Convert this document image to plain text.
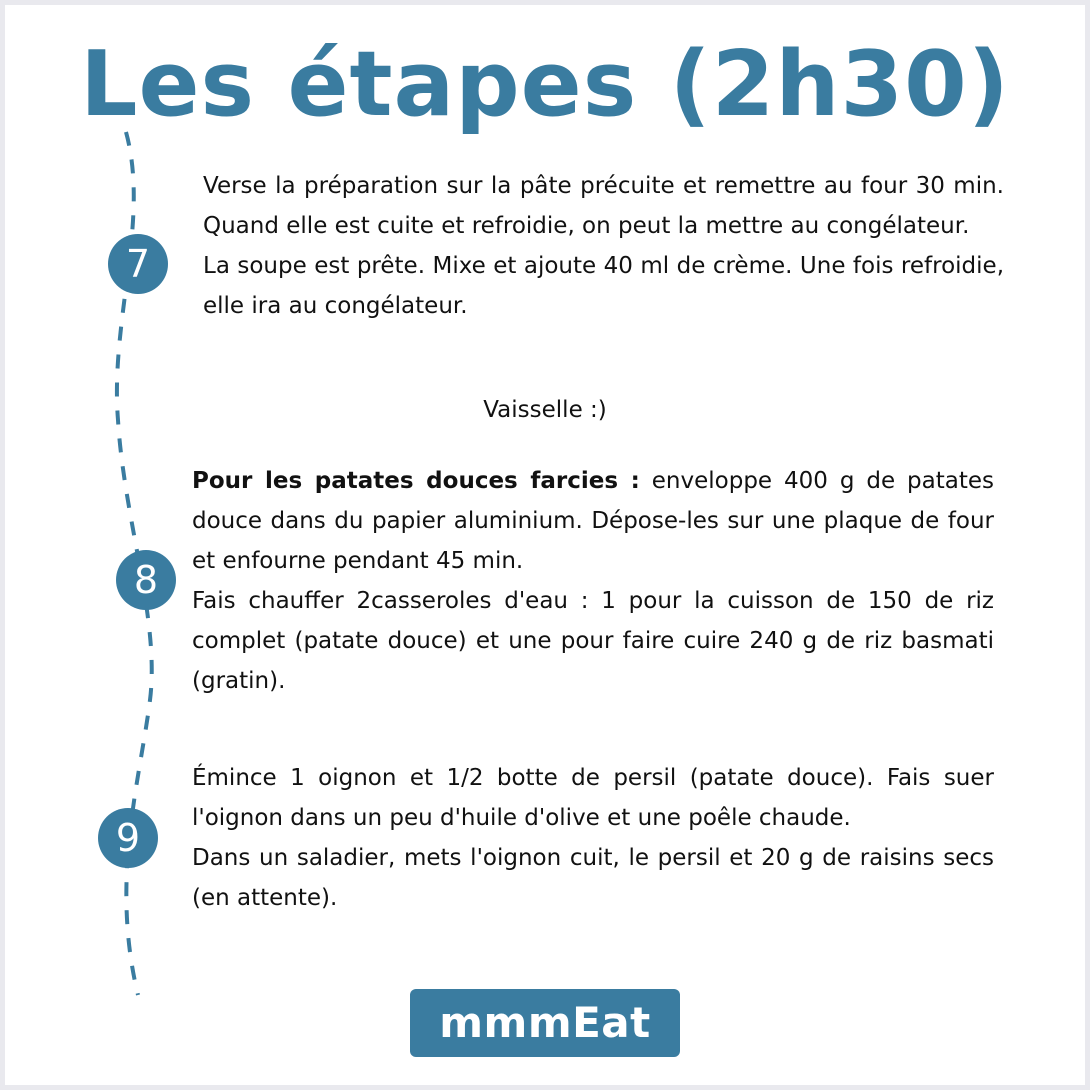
Les étapes (2h30)
7

Verse la préparation sur la pâte précuite et remettre au four 30 min. Quand elle est cuite et refroidie, on peut la mettre au congélateur.

La soupe est prête. Mixe et ajoute 40 ml de crème. Une fois refroidie, elle ira au congélateur.

Vaisselle :)
8

Pour les patates douces farcies : enveloppe 400 g de patates douce dans du papier aluminium. Dépose-les sur une plaque de four et enfourne pendant 45 min.

Fais chauffer 2casseroles d'eau : 1 pour la cuisson de 150 de riz complet (patate douce) et une pour faire cuire 240 g de riz basmati (gratin).

9

Émince 1 oignon et 1/2 botte de persil (patate douce). Fais suer l'oignon dans un peu d'huile d'olive et une poêle chaude.

Dans un saladier, mets l'oignon cuit, le persil et 20 g de raisins secs (en attente).

mmmEat
